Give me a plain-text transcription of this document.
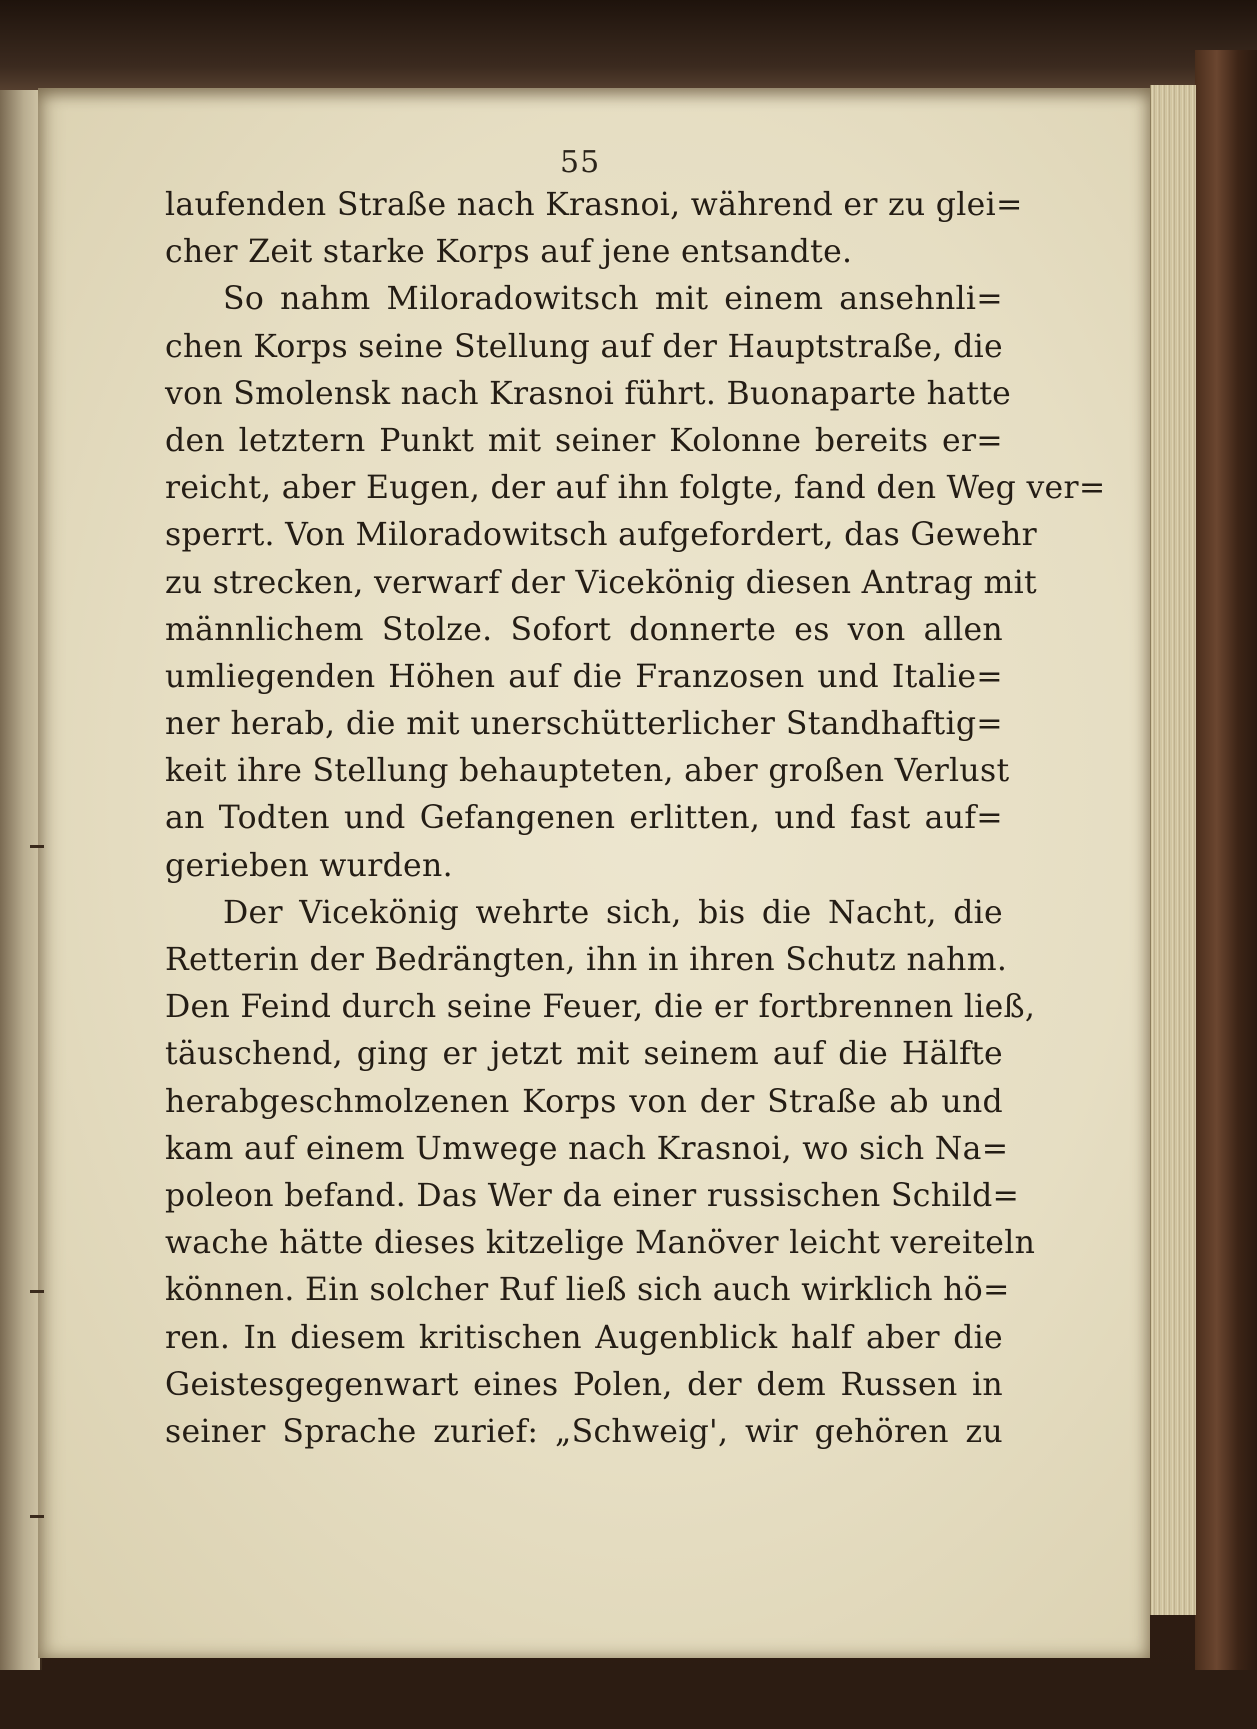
55
laufenden Straße nach Krasnoi, während er zu glei=
cher Zeit starke Korps auf jene entsandte.
So nahm Miloradowitsch mit einem ansehnli=
chen Korps seine Stellung auf der Hauptstraße, die
von Smolensk nach Krasnoi führt. Buonaparte hatte
den letztern Punkt mit seiner Kolonne bereits er=
reicht, aber Eugen, der auf ihn folgte, fand den Weg ver=
sperrt. Von Miloradowitsch aufgefordert, das Gewehr
zu strecken, verwarf der Vicekönig diesen Antrag mit
männlichem Stolze. Sofort donnerte es von allen
umliegenden Höhen auf die Franzosen und Italie=
ner herab, die mit unerschütterlicher Standhaftig=
keit ihre Stellung behaupteten, aber großen Verlust
an Todten und Gefangenen erlitten, und fast auf=
gerieben wurden.
Der Vicekönig wehrte sich, bis die Nacht, die
Retterin der Bedrängten, ihn in ihren Schutz nahm.
Den Feind durch seine Feuer, die er fortbrennen ließ,
täuschend, ging er jetzt mit seinem auf die Hälfte
herabgeschmolzenen Korps von der Straße ab und
kam auf einem Umwege nach Krasnoi, wo sich Na=
poleon befand. Das Wer da einer russischen Schild=
wache hätte dieses kitzelige Manöver leicht vereiteln
können. Ein solcher Ruf ließ sich auch wirklich hö=
ren. In diesem kritischen Augenblick half aber die
Geistesgegenwart eines Polen, der dem Russen in
seiner Sprache zurief: „Schweig', wir gehören zu
